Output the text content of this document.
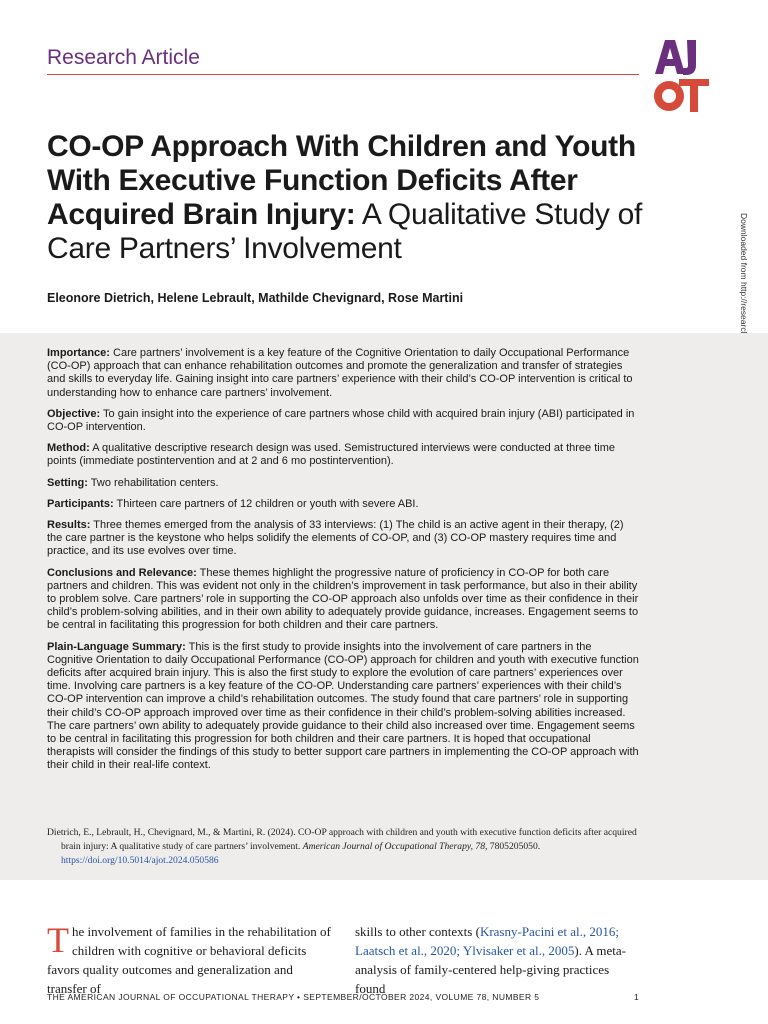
Research Article
CO-OP Approach With Children and Youth With Executive Function Deficits After Acquired Brain Injury: A Qualitative Study of Care Partners’ Involvement

Eleonore Dietrich, Helene Lebrault, Mathilde Chevignard, Rose Martini

Importance: Care partners’ involvement is a key feature of the Cognitive Orientation to daily Occupational Performance (CO-OP) approach that can enhance rehabilitation outcomes and promote the generalization and transfer of strategies and skills to everyday life. Gaining insight into care partners’ experience with their child’s CO-OP intervention is critical to understanding how to enhance care partners’ involvement.

Objective: To gain insight into the experience of care partners whose child with acquired brain injury (ABI) participated in CO-OP intervention.

Method: A qualitative descriptive research design was used. Semistructured interviews were conducted at three time points (immediate postintervention and at 2 and 6 mo postintervention).

Setting: Two rehabilitation centers.

Participants: Thirteen care partners of 12 children or youth with severe ABI.

Results: Three themes emerged from the analysis of 33 interviews: (1) The child is an active agent in their therapy, (2) the care partner is the keystone who helps solidify the elements of CO-OP, and (3) CO-OP mastery requires time and practice, and its use evolves over time.

Conclusions and Relevance: These themes highlight the progressive nature of proficiency in CO-OP for both care partners and children. This was evident not only in the children’s improvement in task performance, but also in their ability to problem solve. Care partners’ role in supporting the CO-OP approach also unfolds over time as their confidence in their child’s problem-solving abilities, and in their own ability to adequately provide guidance, increases. Engagement seems to be central in facilitating this progression for both children and their care partners.

Plain-Language Summary: This is the first study to provide insights into the involvement of care partners in the Cognitive Orientation to daily Occupational Performance (CO-OP) approach for children and youth with executive function deficits after acquired brain injury. This is also the first study to explore the evolution of care partners’ experiences over time. Involving care partners is a key feature of the CO-OP. Understanding care partners’ experiences with their child’s CO-OP intervention can improve a child’s rehabilitation outcomes. The study found that care partners’ role in supporting their child’s CO-OP approach improved over time as their confidence in their child’s problem-solving abilities increased. The care partners’ own ability to adequately provide guidance to their child also increased over time. Engagement seems to be central in facilitating this progression for both children and their care partners. It is hoped that occupational therapists will consider the findings of this study to better support care partners in implementing the CO-OP approach with their child in their real-life context.

Dietrich, E., Lebrault, H., Chevignard, M., & Martini, R. (2024). CO-OP approach with children and youth with executive function deficits after acquired
brain injury: A qualitative study of care partners’ involvement. American Journal of Occupational Therapy, 78, 7805205050. https://doi.org/10.5014/ajot.2024.050586

The involvement of families in the rehabilitation of children with cognitive or behavioral deficits favors quality outcomes and generalization and transfer of

skills to other contexts (Krasny-Pacini et al., 2016; Laatsch et al., 2020; Ylvisaker et al., 2005). A meta-analysis of family-centered help-giving practices found

THE AMERICAN JOURNAL OF OCCUPATIONAL THERAPY • SEPTEMBER/OCTOBER 2024, VOLUME 78, NUMBER 5	1
